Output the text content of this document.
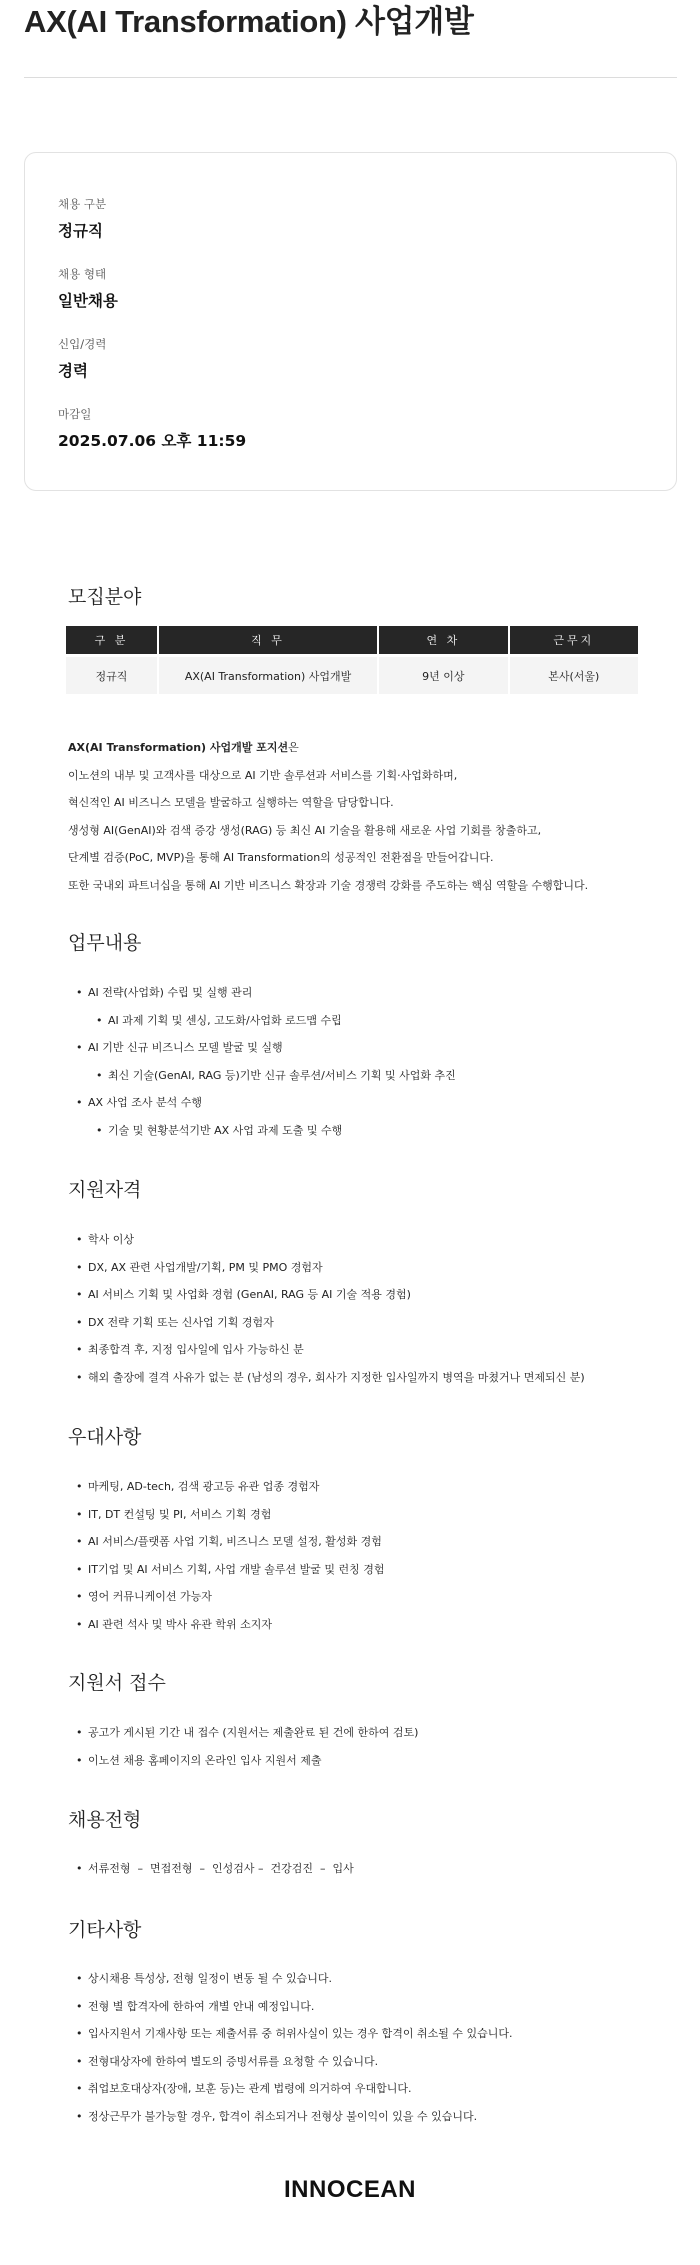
AX(AI Transformation) 사업개발
채용 구분
정규직
채용 형태
일반채용
신입/경력
경력
마감일
2025.07.06 오후 11:59
모집분야
구 분	직 무	연 차	근무지
정규직	AX(AI Transformation) 사업개발	9년 이상	본사(서울)
AX(AI Transformation) 사업개발 포지션은
이노션의 내부 및 고객사를 대상으로 AI 기반 솔루션과 서비스를 기획·사업화하며,
혁신적인 AI 비즈니스 모델을 발굴하고 실행하는 역할을 담당합니다.
생성형 AI(GenAI)와 검색 증강 생성(RAG) 등 최신 AI 기술을 활용해 새로운 사업 기회를 창출하고,
단계별 검증(PoC, MVP)을 통해 AI Transformation의 성공적인 전환점을 만들어갑니다.
또한 국내외 파트너십을 통해 AI 기반 비즈니스 확장과 기술 경쟁력 강화를 주도하는 핵심 역할을 수행합니다.
업무내용
• AI 전략(사업화) 수립 및 실행 관리
• AI 과제 기획 및 센싱, 고도화/사업화 로드맵 수립
• AI 기반 신규 비즈니스 모델 발굴 및 실행
• 최신 기술(GenAI, RAG 등)기반 신규 솔루션/서비스 기획 및 사업화 추진
• AX 사업 조사 분석 수행
• 기술 및 현황분석기반 AX 사업 과제 도출 및 수행
지원자격
• 학사 이상
• DX, AX 관련 사업개발/기획, PM 및 PMO 경험자
• AI 서비스 기획 및 사업화 경험 (GenAI, RAG 등 AI 기술 적용 경험)
• DX 전략 기획 또는 신사업 기획 경험자
• 최종합격 후, 지정 입사일에 입사 가능하신 분
• 해외 출장에 결격 사유가 없는 분 (남성의 경우, 회사가 지정한 입사일까지 병역을 마쳤거나 면제되신 분)
우대사항
• 마케팅, AD-tech, 검색 광고등 유관 업종 경험자
• IT, DT 컨설팅 및 PI, 서비스 기획 경험
• AI 서비스/플랫폼 사업 기획, 비즈니스 모델 설정, 활성화 경험
• IT기업 및 AI 서비스 기획, 사업 개발 솔루션 발굴 및 런칭 경험
• 영어 커뮤니케이션 가능자
• AI 관련 석사 및 박사 유관 학위 소지자
지원서 접수
• 공고가 게시된 기간 내 접수 (지원서는 제출완료 된 건에 한하여 검토)
• 이노션 채용 홈페이지의 온라인 입사 지원서 제출
채용전형
• 서류전형  –  면접전형  –  인성검사 –  건강검진  –  입사
기타사항
• 상시채용 특성상, 전형 일정이 변동 될 수 있습니다.
• 전형 별 합격자에 한하여 개별 안내 예정입니다.
• 입사지원서 기재사항 또는 제출서류 중 허위사실이 있는 경우 합격이 취소될 수 있습니다.
• 전형대상자에 한하여 별도의 증빙서류를 요청할 수 있습니다.
• 취업보호대상자(장애, 보훈 등)는 관계 법령에 의거하여 우대합니다.
• 정상근무가 불가능할 경우, 합격이 취소되거나 전형상 불이익이 있을 수 있습니다.
INNOCEAN
